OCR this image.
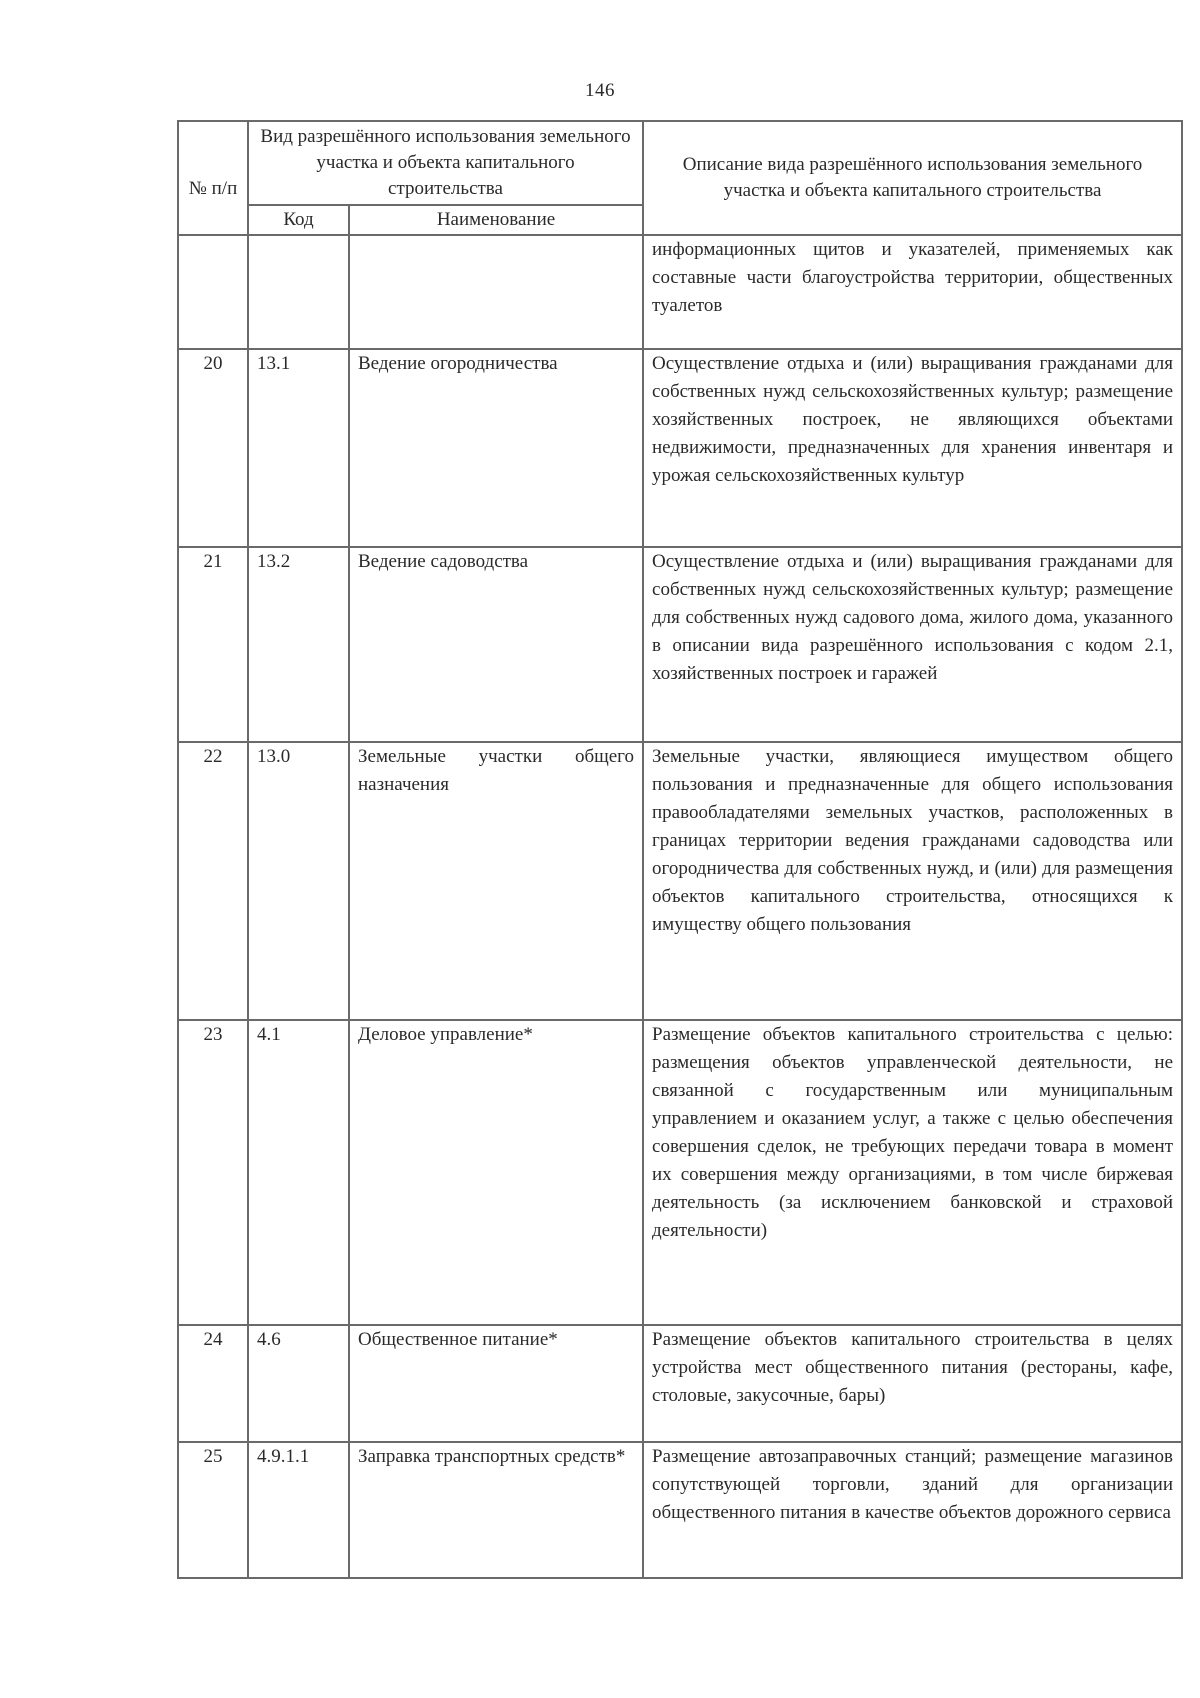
146
№ п/п	Вид разрешённого использования земельного участка и объекта капитального строительства		Описание вида разрешённого использования земельного участка и объекта капитального строительства
	Код	Наименование	
			информационных щитов и указателей, применяемых как составные части благоустройства территории, общественных туалетов
20	13.1	Ведение огородничества	Осуществление отдыха и (или) выращивания гражданами для собственных нужд сельскохозяйственных культур; размещение хозяйственных построек, не являющихся объектами недвижимости, предназначенных для хранения инвентаря и урожая сельскохозяйственных культур
21	13.2	Ведение садоводства	Осуществление отдыха и (или) выращивания гражданами для собственных нужд сельскохозяйственных культур; размещение для собственных нужд садового дома, жилого дома, указанного в описании вида разрешённого использования с кодом 2.1, хозяйственных построек и гаражей
22	13.0	Земельные участки общего назначения	Земельные участки, являющиеся имуществом общего пользования и предназначенные для общего использования правообладателями земельных участков, расположенных в границах территории ведения гражданами садоводства или огородничества для собственных нужд, и (или) для размещения объектов капитального строительства, относящихся к имуществу общего пользования
23	4.1	Деловое управление*	Размещение объектов капитального строительства с целью: размещения объектов управленческой деятельности, не связанной с государственным или муниципальным управлением и оказанием услуг, а также с целью обеспечения совершения сделок, не требующих передачи товара в момент их совершения между организациями, в том числе биржевая деятельность (за исключением банковской и страховой деятельности)
24	4.6	Общественное питание*	Размещение объектов капитального строительства в целях устройства мест общественного питания (рестораны, кафе, столовые, закусочные, бары)
25	4.9.1.1	Заправка транспортных средств*	Размещение автозаправочных станций; размещение магазинов сопутствующей торговли, зданий для организации общественного питания в качестве объектов дорожного сервиса
